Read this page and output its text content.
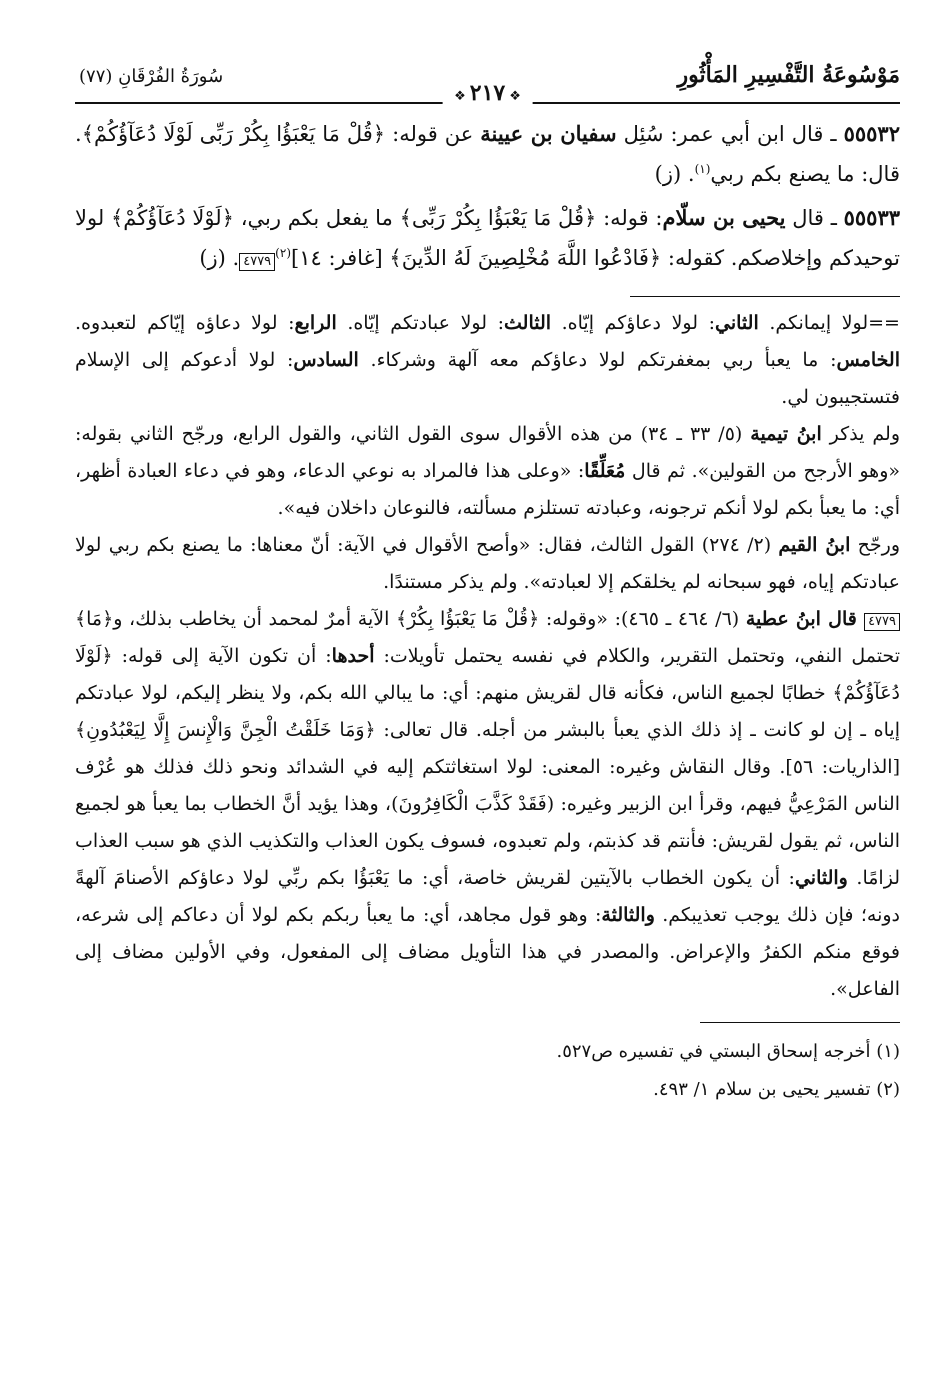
مَوْسُوعَةُ التَّفْسِيرِ المَأْثُورِ
سُورَةُ الفُرْقَانِ (٧٧)
❖٢١٧❖

٥٥٥٣٢ ـ قال ابن أبي عمر: سُئِل سفيان بن عيينة عن قوله: ﴿قُلْ مَا يَعْبَؤُا بِكُرْ رَبِّى لَوْلَا دُعَآؤُكُمْ﴾. قال: ما يصنع بكم ربي$^{(١)}$. (ز)

٥٥٥٣٣ ـ قال يحيى بن سلّام: قوله: ﴿قُلْ مَا يَعْبَؤُا بِكُرْ رَبِّى﴾ ما يفعل بكم ربي، ﴿لَوْلَا دُعَآؤُكُمْ﴾ لولا توحيدكم وإخلاصكم. كقوله: ﴿فَادْعُوا اللَّهَ مُخْلِصِينَ لَهُ الدِّينَ﴾ [غافر: ١٤]$^{(٢)}$٤٧٧٩. (ز)

==لولا إيمانكم. الثاني: لولا دعاؤكم إيّاه. الثالث: لولا عبادتكم إيّاه. الرابع: لولا دعاؤه إيّاكم لتعبدوه. الخامس: ما يعبأ ربي بمغفرتكم لولا دعاؤكم معه آلهة وشركاء. السادس: لولا أدعوكم إلى الإسلام فتستجيبون لي.

ولم يذكر ابنُ تيمية (٥/ ٣٣ ـ ٣٤) من هذه الأقوال سوى القول الثاني، والقول الرابع، ورجّح الثاني بقوله: «وهو الأرجح من القولين». ثم قال مُعَلِّقًا: «وعلى هذا فالمراد به نوعي الدعاء، وهو في دعاء العبادة أظهر، أي: ما يعبأ بكم لولا أنكم ترجونه، وعبادته تستلزم مسألته، فالنوعان داخلان فيه».

ورجّح ابنُ القيم (٢/ ٢٧٤) القول الثالث، فقال: «وأصح الأقوال في الآية: أنّ معناها: ما يصنع بكم ربي لولا عبادتكم إياه، فهو سبحانه لم يخلقكم إلا لعبادته». ولم يذكر مستندًا.

٤٧٧٩ قال ابنُ عطية (٦/ ٤٦٤ ـ ٤٦٥): «وقوله: ﴿قُلْ مَا يَعْبَؤُا بِكُرْ﴾ الآية أمرٌ لمحمد أن يخاطب بذلك، و﴿مَا﴾ تحتمل النفي، وتحتمل التقرير، والكلام في نفسه يحتمل تأويلات: أحدها: أن تكون الآية إلى قوله: ﴿لَوْلَا دُعَآؤُكُمْ﴾ خطابًا لجميع الناس، فكأنه قال لقريش منهم: أي: ما يبالي الله بكم، ولا ينظر إليكم، لولا عبادتكم إياه ـ إن لو كانت ـ إذ ذلك الذي يعبأ بالبشر من أجله. قال تعالى: ﴿وَمَا خَلَقْتُ الْجِنَّ وَالْإِنسَ إِلَّا لِيَعْبُدُونِ﴾ [الذاريات: ٥٦]. وقال النقاش وغيره: المعنى: لولا استغاثتكم إليه في الشدائد ونحو ذلك فذلك هو عُرْف الناس المَرْعِيُّ فيهم، وقرأ ابن الزبير وغيره: (فَقَدْ كَذَّبَ الْكَافِرُونَ)، وهذا يؤيد أنَّ الخطاب بما يعبأ هو لجميع الناس، ثم يقول لقريش: فأنتم قد كذبتم، ولم تعبدوه، فسوف يكون العذاب والتكذيب الذي هو سبب العذاب لزامًا. والثاني: أن يكون الخطاب بالآيتين لقريش خاصة، أي: ما يَعْبَؤُا بكم ربِّي لولا دعاؤكم الأصنامَ آلهةً دونه؛ فإن ذلك يوجب تعذيبكم. والثالثة: وهو قول مجاهد، أي: ما يعبأ ربكم بكم لولا أن دعاكم إلى شرعه، فوقع منكم الكفرُ والإعراض. والمصدر في هذا التأويل مضاف إلى المفعول، وفي الأولين مضاف إلى الفاعل».

(١) أخرجه إسحاق البستي في تفسيره ص٥٢٧.

(٢) تفسير يحيى بن سلام ١/ ٤٩٣.
